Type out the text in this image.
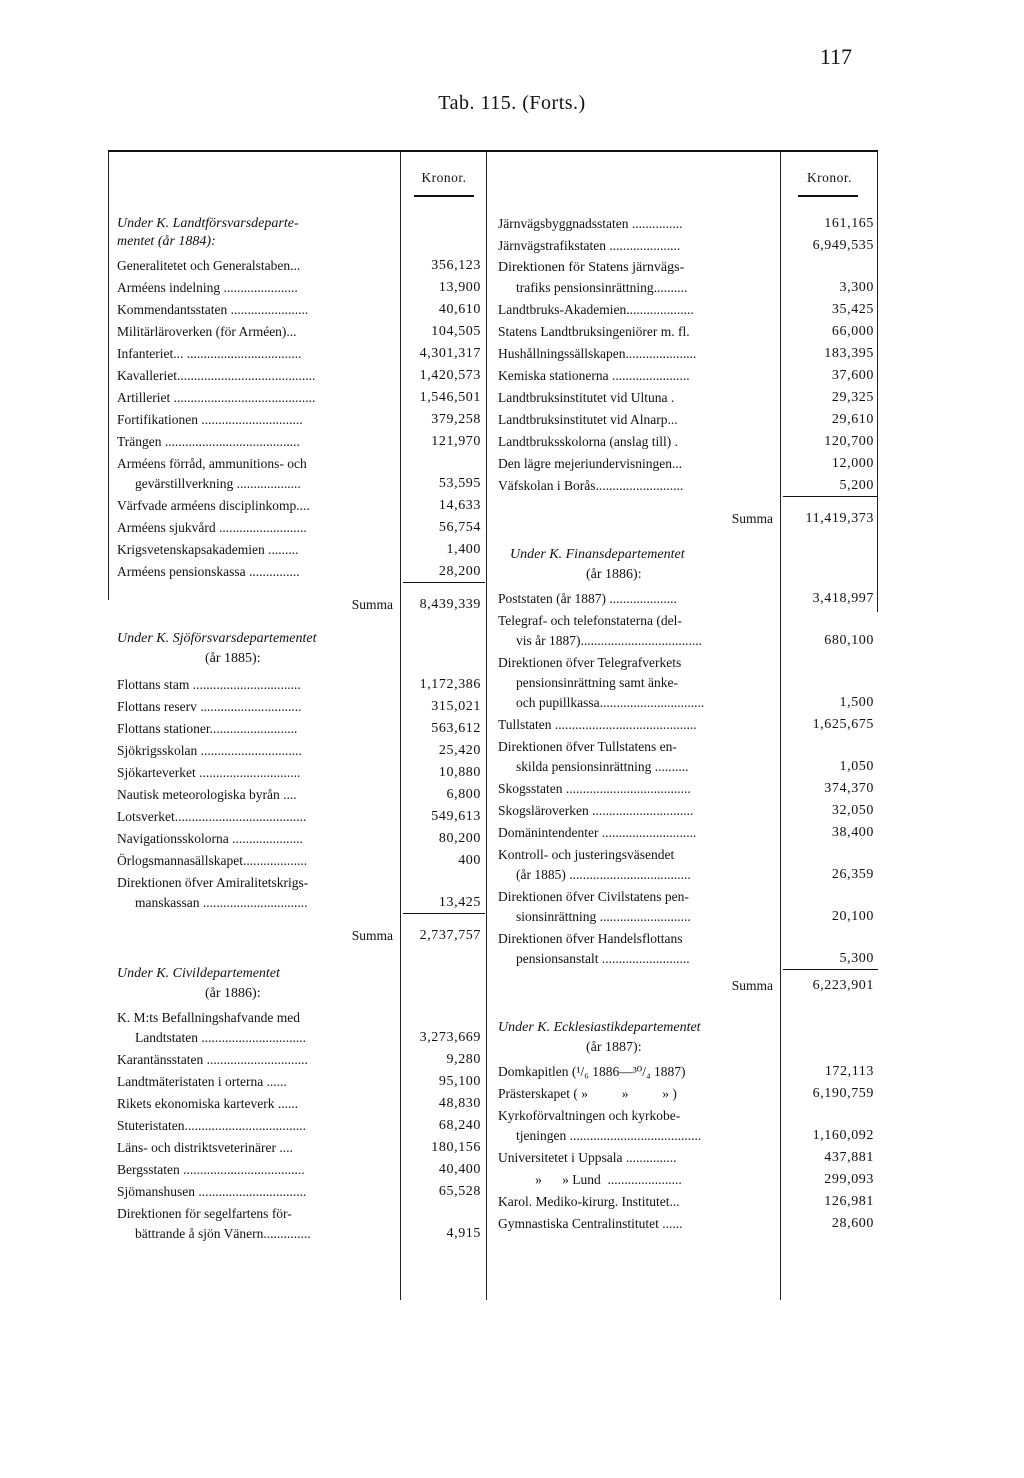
117
Tab. 115. (Forts.)
Kronor.	Kronor.
Under K. Landtförsvarsdeparte-
mentet (år 1884):
Generalitetet och Generalstaben...	356,123
Arméens indelning ......................	13,900
Kommendantsstaten .......................	40,610
Militärläroverken (för Arméen)...	104,505
Infanteriet... ..................................	4,301,317
Kavalleriet.........................................	1,420,573
Artilleriet ..........................................	1,546,501
Fortifikationen ..............................	379,258
Trängen ........................................	121,970
Arméens förråd, ammunitions- och
gevärstillverkning ...................	53,595
Värfvade arméens disciplinkomp....	14,633
Arméens sjukvård ..........................	56,754
Krigsvetenskapsakademien .........	1,400
Arméens pensionskassa ...............	28,200
Summa	8,439,339
Under K. Sjöförsvarsdepartementet
(år 1885):
Flottans stam ................................	1,172,386
Flottans reserv ..............................	315,021
Flottans stationer..........................	563,612
Sjökrigsskolan ..............................	25,420
Sjökarteverket ..............................	10,880
Nautisk meteorologiska byrån ....	6,800
Lotsverket.......................................	549,613
Navigationsskolorna .....................	80,200
Örlogsmannasällskapet...................	400
Direktionen öfver Amiralitetskrigs-
manskassan ...............................	13,425
Summa	2,737,757
Under K. Civildepartementet
(år 1886):
K. M:ts Befallningshafvande med
Landtstaten ...............................	3,273,669
Karantänsstaten ..............................	9,280
Landtmäteristaten i orterna ......	95,100
Rikets ekonomiska karteverk ......	48,830
Stuteristaten....................................	68,240
Läns- och distriktsveterinärer ....	180,156
Bergsstaten ....................................	40,400
Sjömanshusen ................................	65,528
Direktionen för segelfartens för-
bättrande å sjön Vänern..............	4,915
Järnvägsbyggnadsstaten ...............	161,165
Järnvägstrafikstaten .....................	6,949,535
Direktionen för Statens järnvägs-
trafiks pensionsinrättning..........	3,300
Landtbruks-Akademien....................	35,425
Statens Landtbruksingeniörer m. fl.	66,000
Hushållningssällskapen.....................	183,395
Kemiska stationerna .......................	37,600
Landtbruksinstitutet vid Ultuna .	29,325
Landtbruksinstitutet vid Alnarp...	29,610
Landtbruksskolorna (anslag till) .	120,700
Den lägre mejeriundervisningen...	12,000
Väfskolan i Borås..........................	5,200
Summa	11,419,373
Under K. Finansdepartementet
(år 1886):
Poststaten (år 1887) ....................	3,418,997
Telegraf- och telefonstaterna (del-
vis år 1887)....................................	680,100
Direktionen öfver Telegrafverkets
pensionsinrättning samt änke-
och pupillkassa...............................	1,500
Tullstaten ..........................................	1,625,675
Direktionen öfver Tullstatens en-
skilda pensionsinrättning ..........	1,050
Skogsstaten .....................................	374,370
Skogsläroverken ..............................	32,050
Domänintendenter ............................	38,400
Kontroll- och justeringsväsendet
(år 1885) ....................................	26,359
Direktionen öfver Civilstatens pen-
sionsinrättning ...........................	20,100
Direktionen öfver Handelsflottans
pensionsanstalt ..........................	5,300
Summa	6,223,901
Under K. Ecklesiastikdepartementet
(år 1887):
Domkapitlen (¹/₆ 1886—³⁰/₄ 1887)	172,113
Prästerskapet ( »          »          » )	6,190,759
Kyrkoförvaltningen och kyrkobe-
tjeningen .......................................	1,160,092
Universitetet i Uppsala ...............	437,881
»      » Lund  ......................	299,093
Karol. Mediko-kirurg. Institutet...	126,981
Gymnastiska Centralinstitutet ......	28,600
